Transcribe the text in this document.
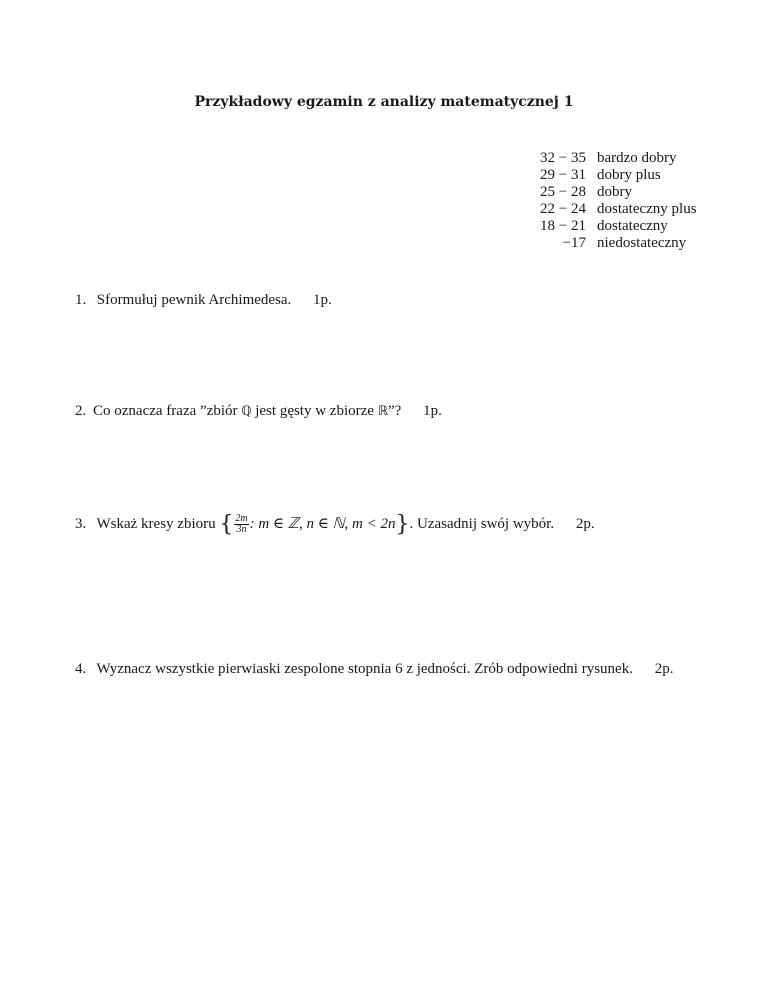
Przykładowy egzamin z analizy matematycznej 1
32 − 35	bardzo dobry
29 − 31	dobry plus
25 − 28	dobry
22 − 24	dostateczny plus
18 − 21	dostateczny
−17	niedostateczny
1. Sformułuj pewnik Archimedesa. 1p.
2. Co oznacza fraza ”zbiór ℚ jest gęsty w zbiorze ℝ”? 1p.
3. Wskaż kresy zbioru { $\frac{2m}{3n}$ : m ∈ ℤ, n ∈ ℕ, m < 2n}. Uzasadnij swój wybór. 2p.
4. Wyznacz wszystkie pierwiaski zespolone stopnia 6 z jedności. Zrób odpowiedni rysunek. 2p.
